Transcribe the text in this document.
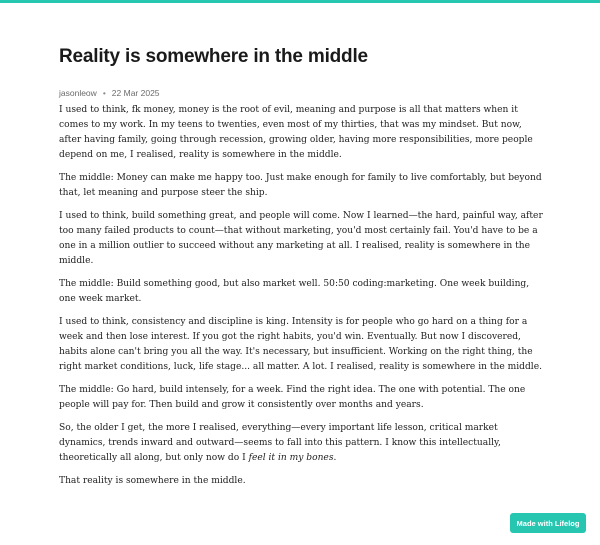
Reality is somewhere in the middle
jasonleow • 22 Mar 2025

I used to think, fk money, money is the root of evil, meaning and purpose is all that matters when it comes to my work. In my teens to twenties, even most of my thirties, that was my mindset. But now, after having family, going through recession, growing older, having more responsibilities, more people depend on me, I realised, reality is somewhere in the middle.

The middle: Money can make me happy too. Just make enough for family to live comfortably, but beyond that, let meaning and purpose steer the ship.

I used to think, build something great, and people will come. Now I learned—the hard, painful way, after too many failed products to count—that without marketing, you'd most certainly fail. You'd have to be a one in a million outlier to succeed without any marketing at all. I realised, reality is somewhere in the middle.

The middle: Build something good, but also market well. 50:50 coding:marketing. One week building, one week market.

I used to think, consistency and discipline is king. Intensity is for people who go hard on a thing for a week and then lose interest. If you got the right habits, you'd win. Eventually. But now I discovered, habits alone can't bring you all the way. It's necessary, but insufficient. Working on the right thing, the right market conditions, luck, life stage... all matter. A lot. I realised, reality is somewhere in the middle.

The middle: Go hard, build intensely, for a week. Find the right idea. The one with potential. The one people will pay for. Then build and grow it consistently over months and years.

So, the older I get, the more I realised, everything—every important life lesson, critical market dynamics, trends inward and outward—seems to fall into this pattern. I know this intellectually, theoretically all along, but only now do I feel it in my bones.

That reality is somewhere in the middle.

Made with Lifelog
